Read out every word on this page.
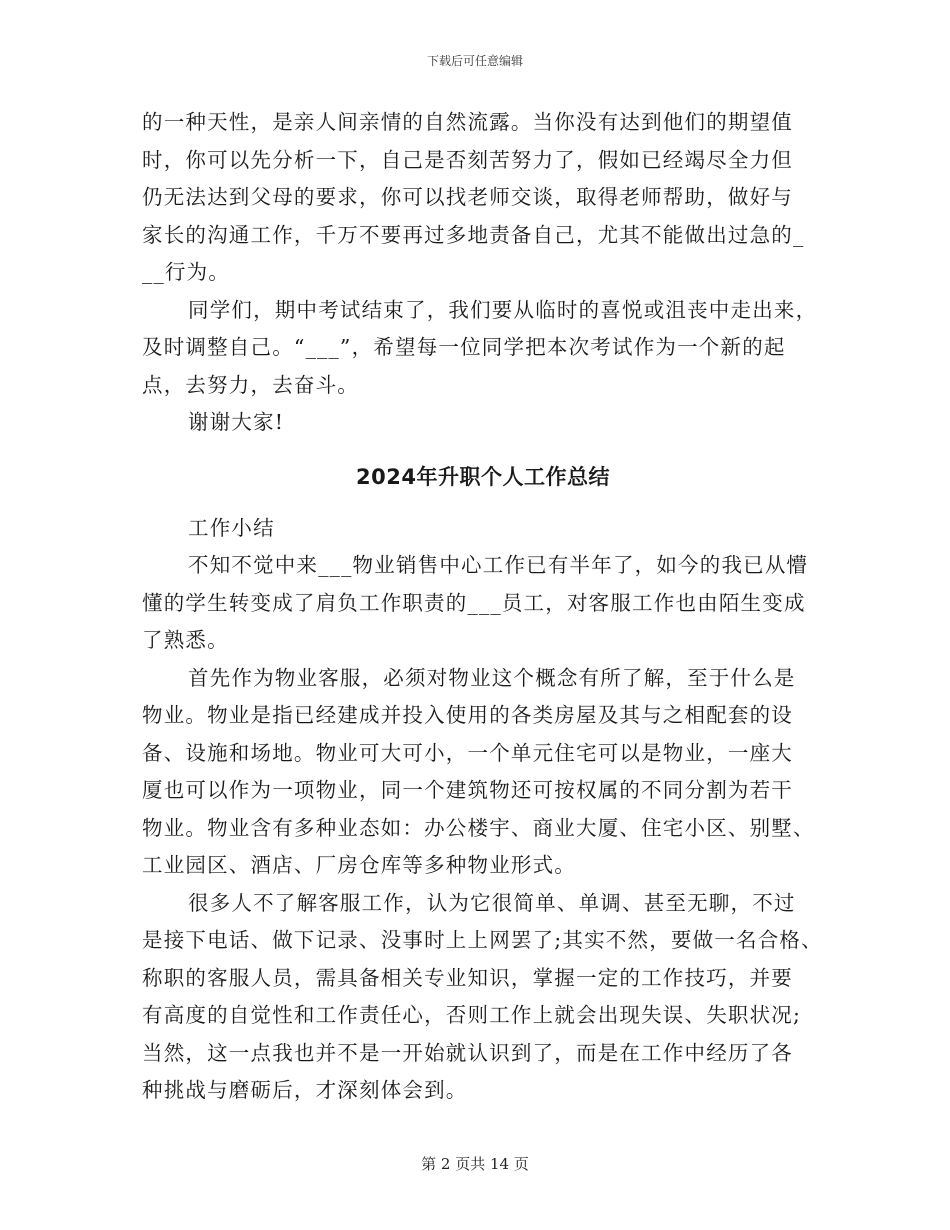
下载后可任意编辑
的一种天性，是亲人间亲情的自然流露。当你没有达到他们的期望值
时，你可以先分析一下，自己是否刻苦努力了，假如已经竭尽全力但
仍无法达到父母的要求，你可以找老师交谈，取得老师帮助，做好与
家长的沟通工作，千万不要再过多地责备自己，尤其不能做出过急的_
__行为。
同学们，期中考试结束了，我们要从临时的喜悦或沮丧中走出来，
及时调整自己。“___”，希望每一位同学把本次考试作为一个新的起
点，去努力，去奋斗。
谢谢大家!
2024年升职个人工作总结
工作小结
不知不觉中来___物业销售中心工作已有半年了，如今的我已从懵
懂的学生转变成了肩负工作职责的___员工，对客服工作也由陌生变成
了熟悉。
首先作为物业客服，必须对物业这个概念有所了解，至于什么是
物业。物业是指已经建成并投入使用的各类房屋及其与之相配套的设
备、设施和场地。物业可大可小，一个单元住宅可以是物业，一座大
厦也可以作为一项物业，同一个建筑物还可按权属的不同分割为若干
物业。物业含有多种业态如：办公楼宇、商业大厦、住宅小区、别墅、
工业园区、酒店、厂房仓库等多种物业形式。
很多人不了解客服工作，认为它很简单、单调、甚至无聊，不过
是接下电话、做下记录、没事时上上网罢了;其实不然，要做一名合格、
称职的客服人员，需具备相关专业知识，掌握一定的工作技巧，并要
有高度的自觉性和工作责任心，否则工作上就会出现失误、失职状况;
当然，这一点我也并不是一开始就认识到了，而是在工作中经历了各
种挑战与磨砺后，才深刻体会到。
第 2 页共 14 页
